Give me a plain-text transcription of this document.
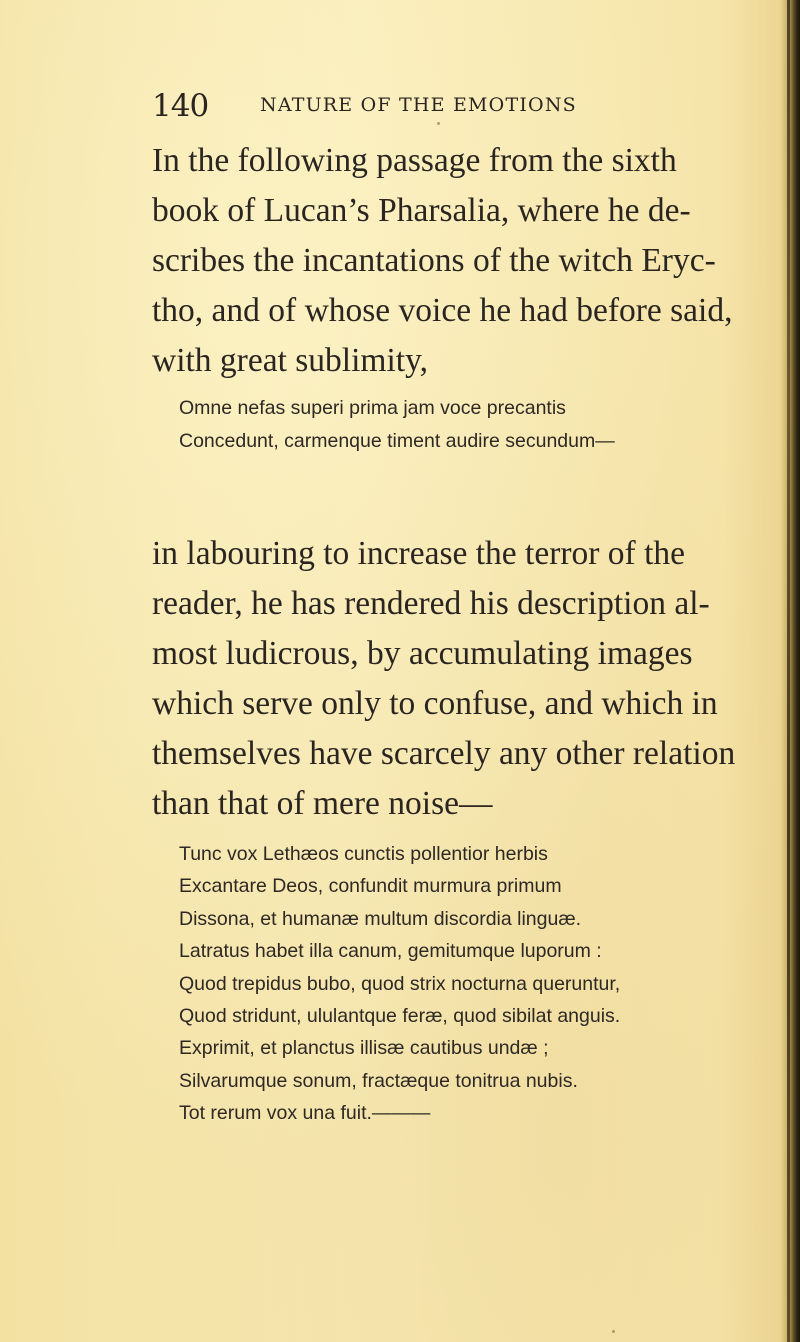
140	NATURE OF THE EMOTIONS

In the following passage from the sixth
book of Lucan’s Pharsalia, where he de-
scribes the incantations of the witch Eryc-
tho, and of whose voice he had before said,
with great sublimity,

Omne nefas superi prima jam voce precantis
Concedunt, carmenque timent audire secundum—

in labouring to increase the terror of the
reader, he has rendered his description al-
most ludicrous, by accumulating images
which serve only to confuse, and which in
themselves have scarcely any other relation
than that of mere noise—

Tunc vox Lethæos cunctis pollentior herbis
Excantare Deos, confundit murmura primum
Dissona, et humanæ multum discordia linguæ.
Latratus habet illa canum, gemitumque luporum :
Quod trepidus bubo, quod strix nocturna queruntur,
Quod stridunt, ululantque feræ, quod sibilat anguis.
Exprimit, et planctus illisæ cautibus undæ ;
Silvarumque sonum, fractæque tonitrua nubis.
Tot rerum vox una fuit.———
